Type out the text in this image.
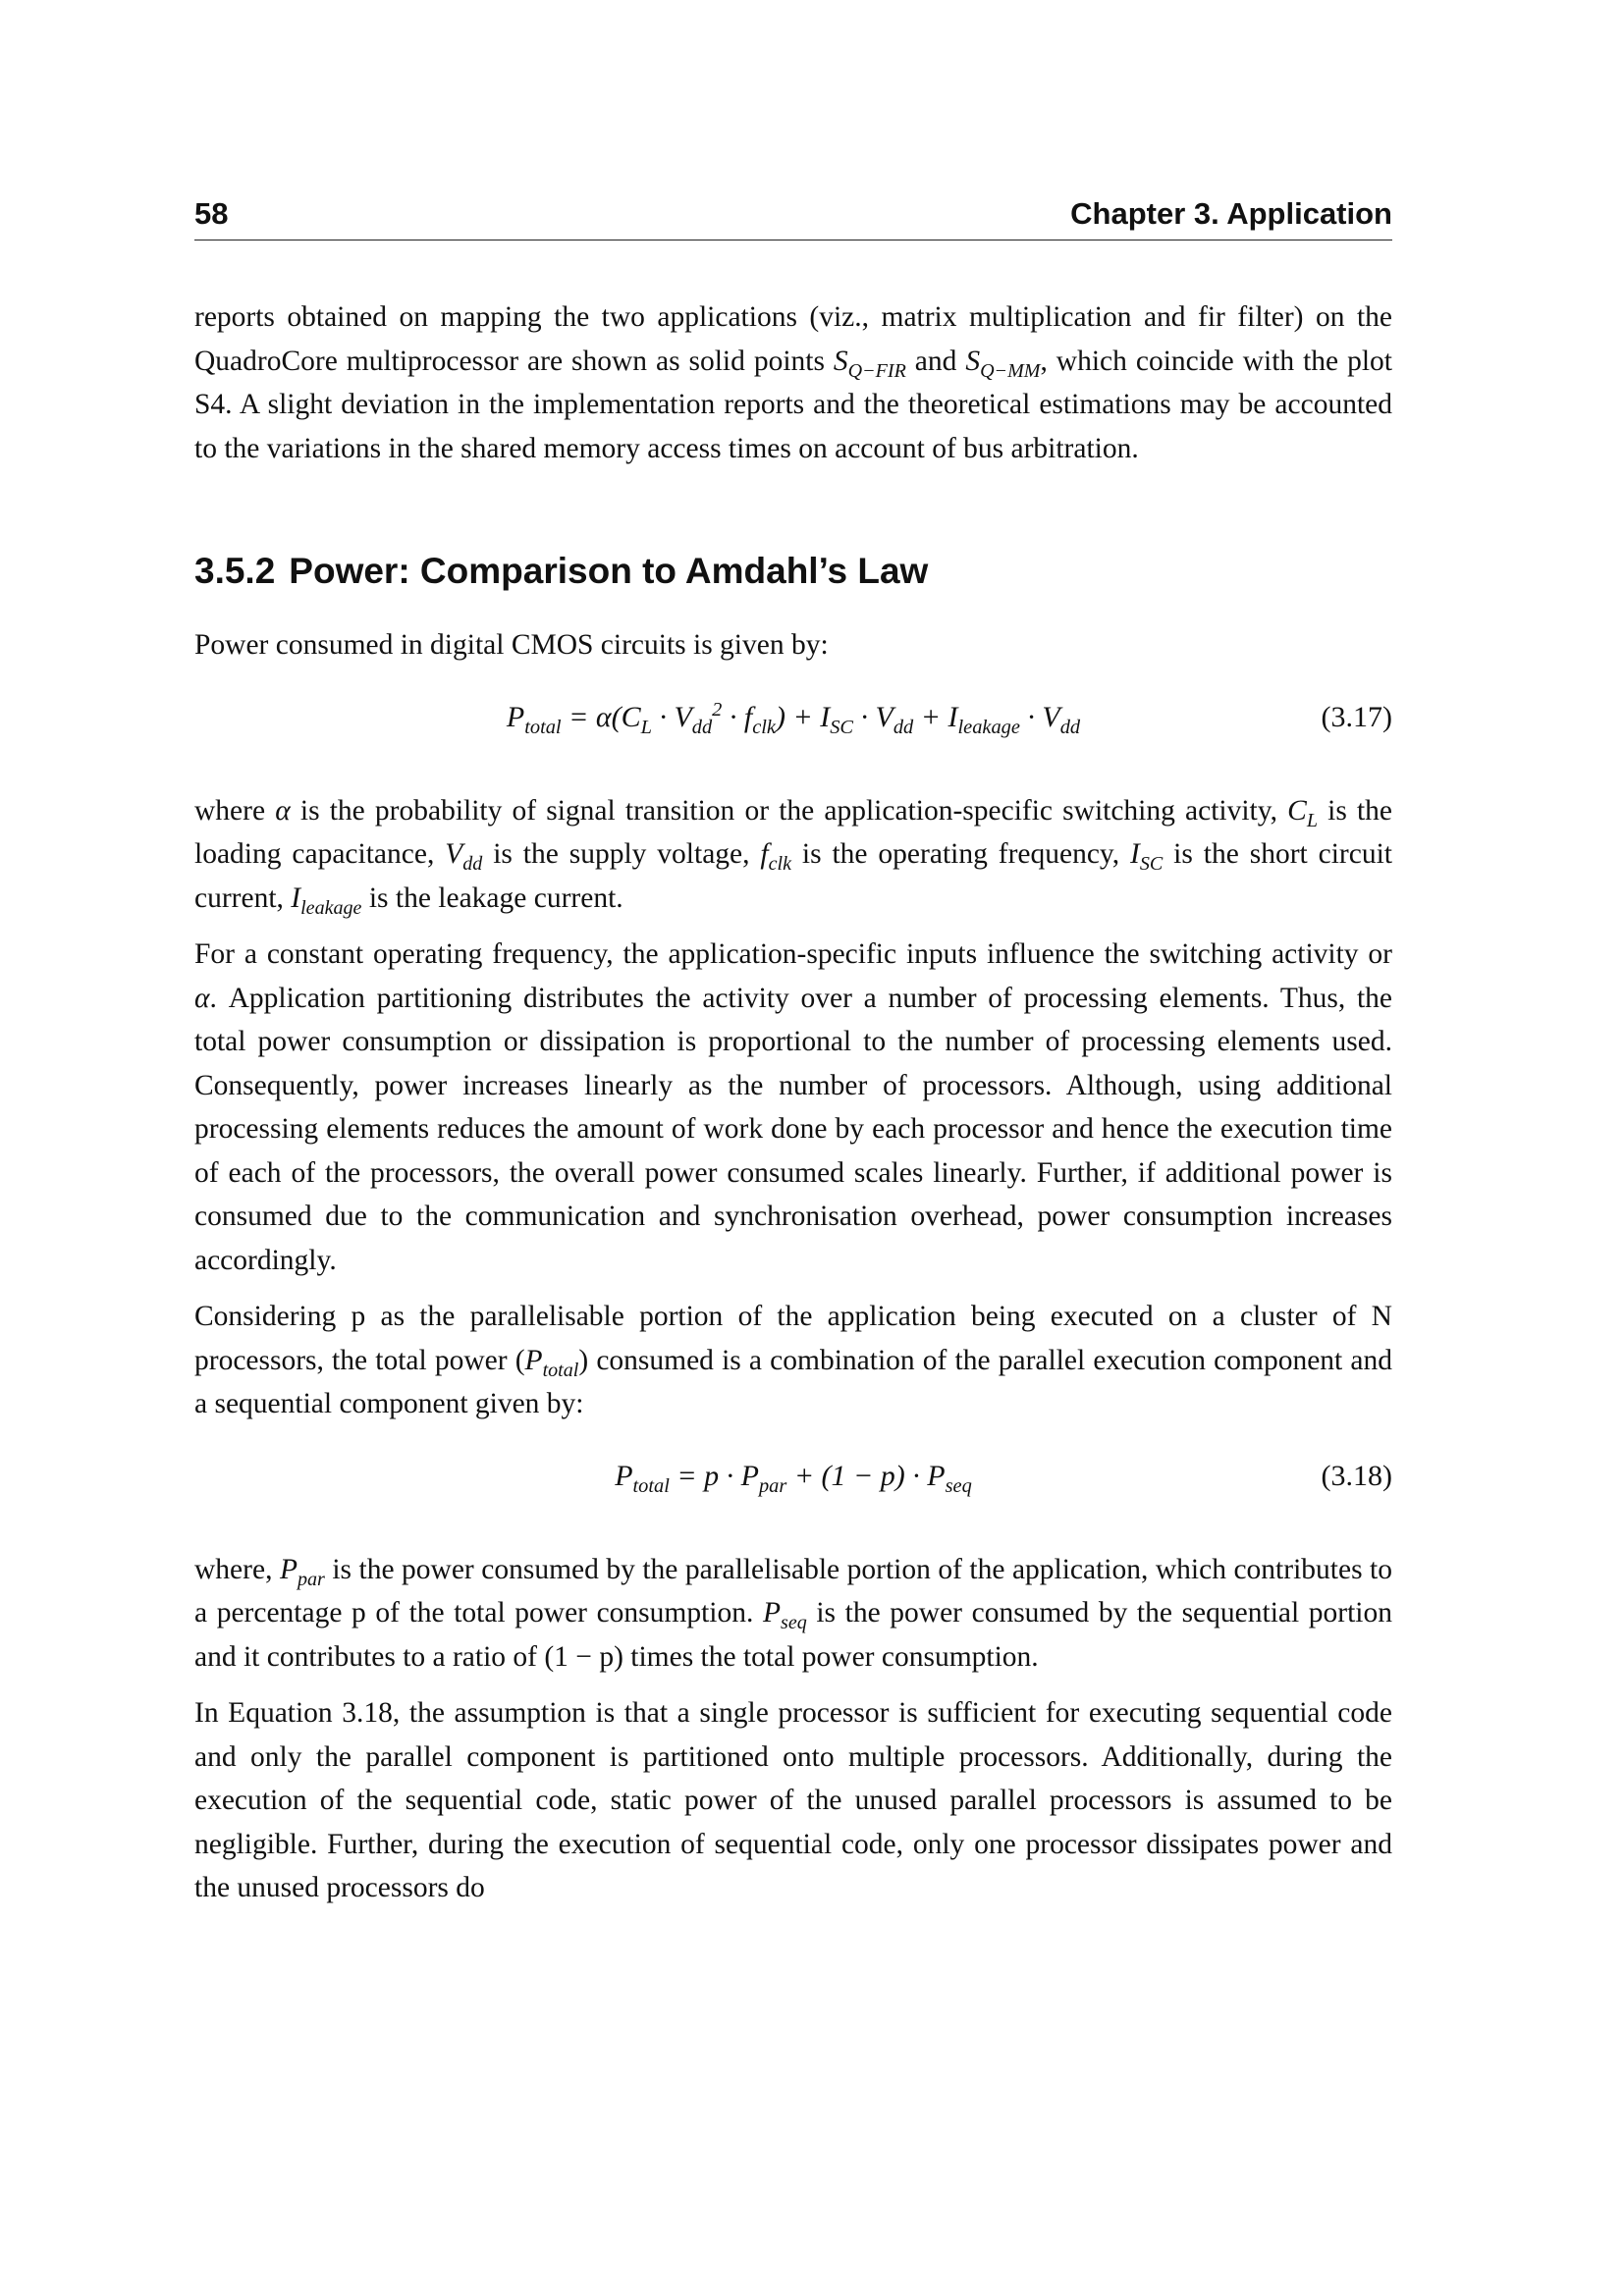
58	Chapter 3. Application

reports obtained on mapping the two applications (viz., matrix multiplication and fir filter) on the QuadroCore multiprocessor are shown as solid points $S_{Q-FIR}$ and $S_{Q-MM}$, which coincide with the plot S4. A slight deviation in the implementation reports and the theoretical estimations may be accounted to the variations in the shared memory access times on account of bus arbitration.

3.5.2 Power: Comparison to Amdahl’s Law

Power consumed in digital CMOS circuits is given by:

$P_{total} = \alpha(C_L \cdot V_{dd}^2 \cdot f_{clk}) + I_{SC} \cdot V_{dd} + I_{leakage} \cdot V_{dd}$	(3.17)

where α is the probability of signal transition or the application-specific switching activity, $C_L$ is the loading capacitance, $V_{dd}$ is the supply voltage, $f_{clk}$ is the operating frequency, $I_{SC}$ is the short circuit current, $I_{leakage}$ is the leakage current.

For a constant operating frequency, the application-specific inputs influence the switching activity or α. Application partitioning distributes the activity over a number of processing elements. Thus, the total power consumption or dissipation is proportional to the number of processing elements used. Consequently, power increases linearly as the number of processors. Although, using additional processing elements reduces the amount of work done by each processor and hence the execution time of each of the processors, the overall power consumed scales linearly. Further, if additional power is consumed due to the communication and synchronisation overhead, power consumption increases accordingly.

Considering p as the parallelisable portion of the application being executed on a cluster of N processors, the total power $(P_{total})$ consumed is a combination of the parallel execution component and a sequential component given by:

$P_{total} = p \cdot P_{par} + (1 - p) \cdot P_{seq}$	(3.18)

where, $P_{par}$ is the power consumed by the parallelisable portion of the application, which contributes to a percentage p of the total power consumption. $P_{seq}$ is the power consumed by the sequential portion and it contributes to a ratio of (1 − p) times the total power consumption.

In Equation 3.18, the assumption is that a single processor is sufficient for executing sequential code and only the parallel component is partitioned onto multiple processors. Additionally, during the execution of the sequential code, static power of the unused parallel processors is assumed to be negligible. Further, during the execution of sequential code, only one processor dissipates power and the unused processors do
